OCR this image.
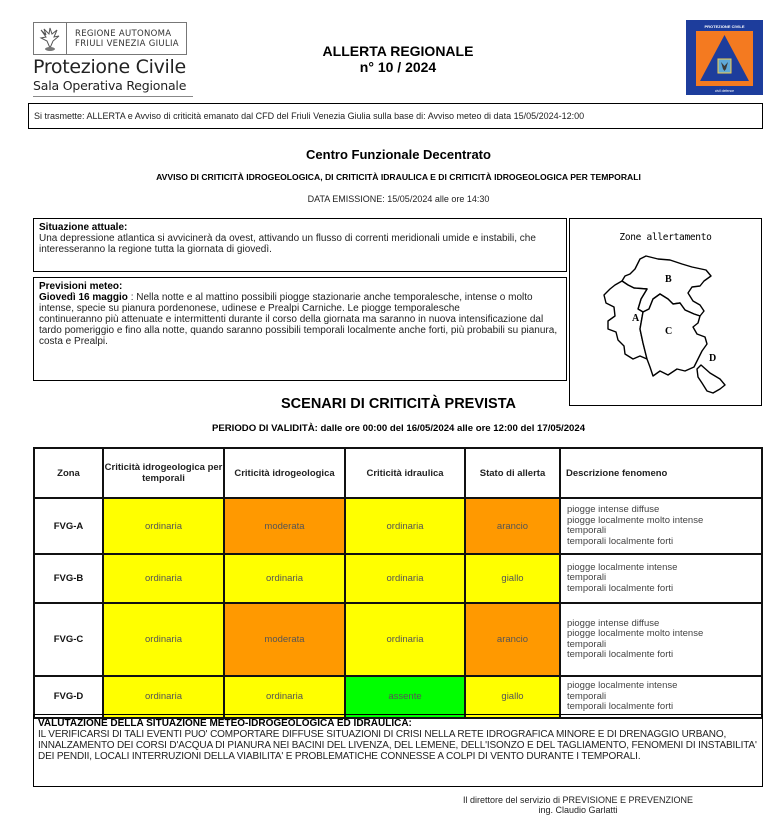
REGIONE AUTONOMA
FRIULI VENEZIA GIULIA
Protezione Civile
Sala Operativa Regionale
ALLERTA REGIONALE
n° 10 / 2024
PROTEZIONE CIVILE
civil defence
Si trasmette: ALLERTA e Avviso di criticità emanato dal CFD del Friuli Venezia Giulia sulla base di: Avviso meteo di data 15/05/2024-12:00
Centro Funzionale Decentrato
AVVISO DI CRITICITÀ IDROGEOLOGICA, DI CRITICITÀ IDRAULICA E DI CRITICITÀ IDROGEOLOGICA PER TEMPORALI
DATA EMISSIONE: 15/05/2024 alle ore 14:30
Situazione attuale:
Una depressione atlantica si avvicinerà da ovest, attivando un flusso di correnti meridionali umide e instabili, che interesseranno la regione tutta la giornata di giovedì.
Previsioni meteo:
Giovedì 16 maggio : Nella notte e al mattino possibili piogge stazionarie anche temporalesche, intense o molto intense, specie su pianura pordenonese, udinese e Prealpi Carniche. Le piogge temporalesche
continueranno più attenuate e intermittenti durante il corso della giornata ma saranno in nuova intensificazione dal tardo pomeriggio e fino alla notte, quando saranno possibili temporali localmente anche forti, più probabili su pianura, costa e Prealpi.
Zone allertamento
B
A
C
D
SCENARI DI CRITICITÀ PREVISTA
PERIODO DI VALIDITÀ: dalle ore 00:00 del 16/05/2024 alle ore 12:00 del 17/05/2024
Zona	Criticità idrogeologica per temporali	Criticità idrogeologica	Criticità idraulica	Stato di allerta	Descrizione fenomeno
FVG-A	ordinaria	moderata	ordinaria	arancio	piogge intense diffuse
piogge localmente molto intense
temporali
temporali localmente forti

FVG-B	ordinaria	ordinaria	ordinaria	giallo	piogge localmente intense
temporali
temporali localmente forti

FVG-C	ordinaria	moderata	ordinaria	arancio	piogge intense diffuse
piogge localmente molto intense
temporali
temporali localmente forti

FVG-D	ordinaria	ordinaria	assente	giallo	piogge localmente intense
temporali
temporali localmente forti
VALUTAZIONE DELLA SITUAZIONE METEO-IDROGEOLOGICA ED IDRAULICA:
IL VERIFICARSI DI TALI EVENTI PUO' COMPORTARE DIFFUSE SITUAZIONI DI CRISI NELLA RETE IDROGRAFICA MINORE E DI DRENAGGIO URBANO, INNALZAMENTO DEI CORSI D'ACQUA DI PIANURA NEI BACINI DEL LIVENZA, DEL LEMENE, DELL'ISONZO E DEL TAGLIAMENTO, FENOMENI DI INSTABILITA' DEI PENDII, LOCALI INTERRUZIONI DELLA VIABILITA' E PROBLEMATICHE CONNESSE A COLPI DI VENTO DURANTE I TEMPORALI.
Il direttore del servizio di PREVISIONE E PREVENZIONE
ing. Claudio Garlatti
